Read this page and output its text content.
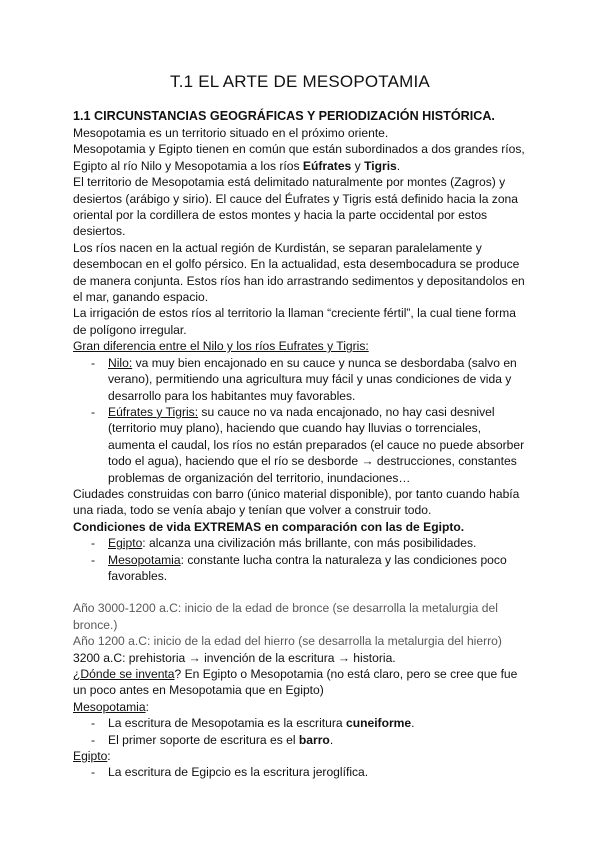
T.1 EL ARTE DE MESOPOTAMIA
1.1 CIRCUNSTANCIAS GEOGRÁFICAS Y PERIODIZACIÓN HISTÓRICA.

Mesopotamia es un territorio situado en el próximo oriente.

Mesopotamia y Egipto tienen en común que están subordinados a dos grandes ríos, Egipto al río Nilo y Mesopotamia a los ríos Eúfrates y Tigris.

El territorio de Mesopotamia está delimitado naturalmente por montes (Zagros) y desiertos (arábigo y sirio). El cauce del Éufrates y Tigris está definido hacia la zona oriental por la cordillera de estos montes y hacia la parte occidental por estos desiertos.

Los ríos nacen en la actual región de Kurdistán, se separan paralelamente y desembocan en el golfo pérsico. En la actualidad, esta desembocadura se produce de manera conjunta. Estos ríos han ido arrastrando sedimentos y depositandolos en el mar, ganando espacio.

La irrigación de estos ríos al territorio la llaman “creciente fértil”, la cual tiene forma de polígono irregular.

Gran diferencia entre el Nilo y los ríos Eufrates y Tigris:

- Nilo: va muy bien encajonado en su cauce y nunca se desbordaba (salvo en verano), permitiendo una agricultura muy fácil y unas condiciones de vida y desarrollo para los habitantes muy favorables.
- Eúfrates y Tigris: su cauce no va nada encajonado, no hay casi desnivel (territorio muy plano), haciendo que cuando hay lluvias o torrenciales, aumenta el caudal, los ríos no están preparados (el cauce no puede absorber todo el agua), haciendo que el río se desborde → destrucciones, constantes problemas de organización del territorio, inundaciones…

Ciudades construidas con barro (único material disponible), por tanto cuando había una riada, todo se venía abajo y tenían que volver a construir todo.

Condiciones de vida EXTREMAS en comparación con las de Egipto.

- Egipto: alcanza una civilización más brillante, con más posibilidades.
- Mesopotamia: constante lucha contra la naturaleza y las condiciones poco favorables.

Año 3000-1200 a.C: inicio de la edad de bronce (se desarrolla la metalurgia del bronce.)

Año 1200 a.C: inicio de la edad del hierro (se desarrolla la metalurgia del hierro)

3200 a.C: prehistoria → invención de la escritura → historia.

¿Dónde se inventa? En Egipto o Mesopotamia (no está claro, pero se cree que fue un poco antes en Mesopotamia que en Egipto)

Mesopotamia:

- La escritura de Mesopotamia es la escritura cuneiforme.
- El primer soporte de escritura es el barro.

Egipto:

- La escritura de Egipcio es la escritura jeroglífica.
